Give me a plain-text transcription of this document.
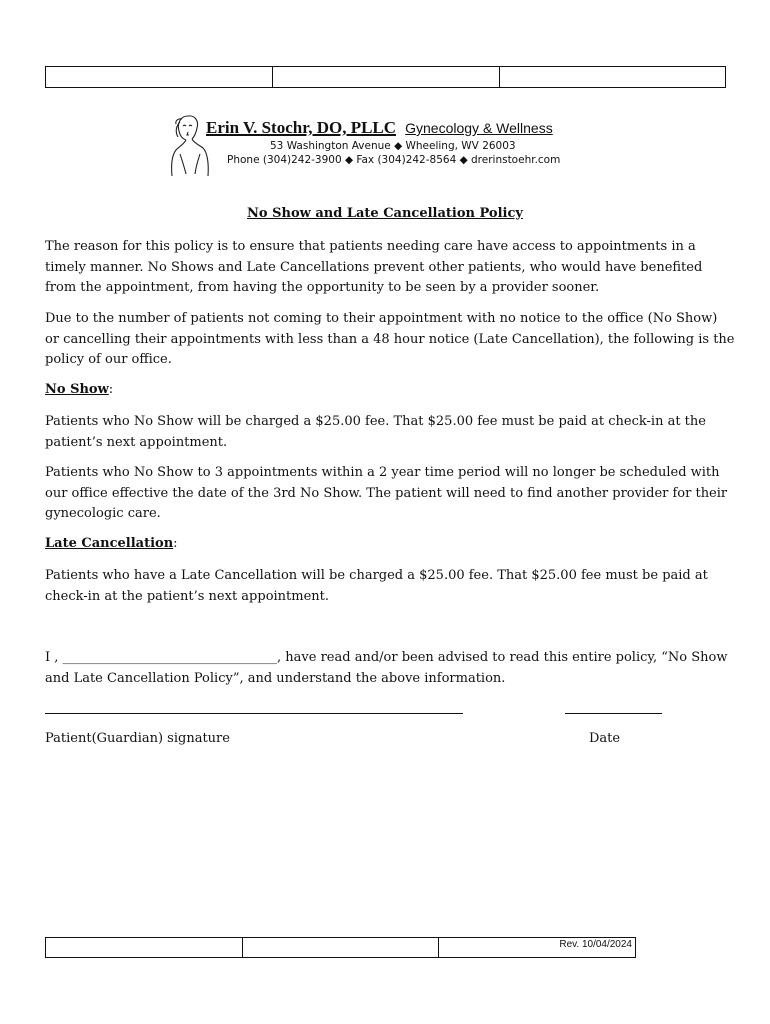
Erin V. Stochr, DO, PLLC Gynecology & Wellness
53 Washington Avenue ◆ Wheeling, WV 26003
Phone (304)242-3900 ◆ Fax (304)242-8564 ◆ drerinstoehr.com
No Show and Late Cancellation Policy

The reason for this policy is to ensure that patients needing care have access to appointments in a timely manner. No Shows and Late Cancellations prevent other patients, who would have benefited from the appointment, from having the opportunity to be seen by a provider sooner.

Due to the number of patients not coming to their appointment with no notice to the office (No Show) or cancelling their appointments with less than a 48 hour notice (Late Cancellation), the following is the policy of our office.

No Show:

Patients who No Show will be charged a $25.00 fee. That $25.00 fee must be paid at check-in at the patient’s next appointment.

Patients who No Show to 3 appointments within a 2 year time period will no longer be scheduled with our office effective the date of the 3rd No Show. The patient will need to find another provider for their gynecologic care.

Late Cancellation:

Patients who have a Late Cancellation will be charged a $25.00 fee. That $25.00 fee must be paid at check-in at the patient’s next appointment.

I , _________________________________, have read and/or been advised to read this entire policy, “No Show and Late Cancellation Policy”, and understand the above information.

Patient(Guardian) signature	Date
Rev. 10/04/2024
